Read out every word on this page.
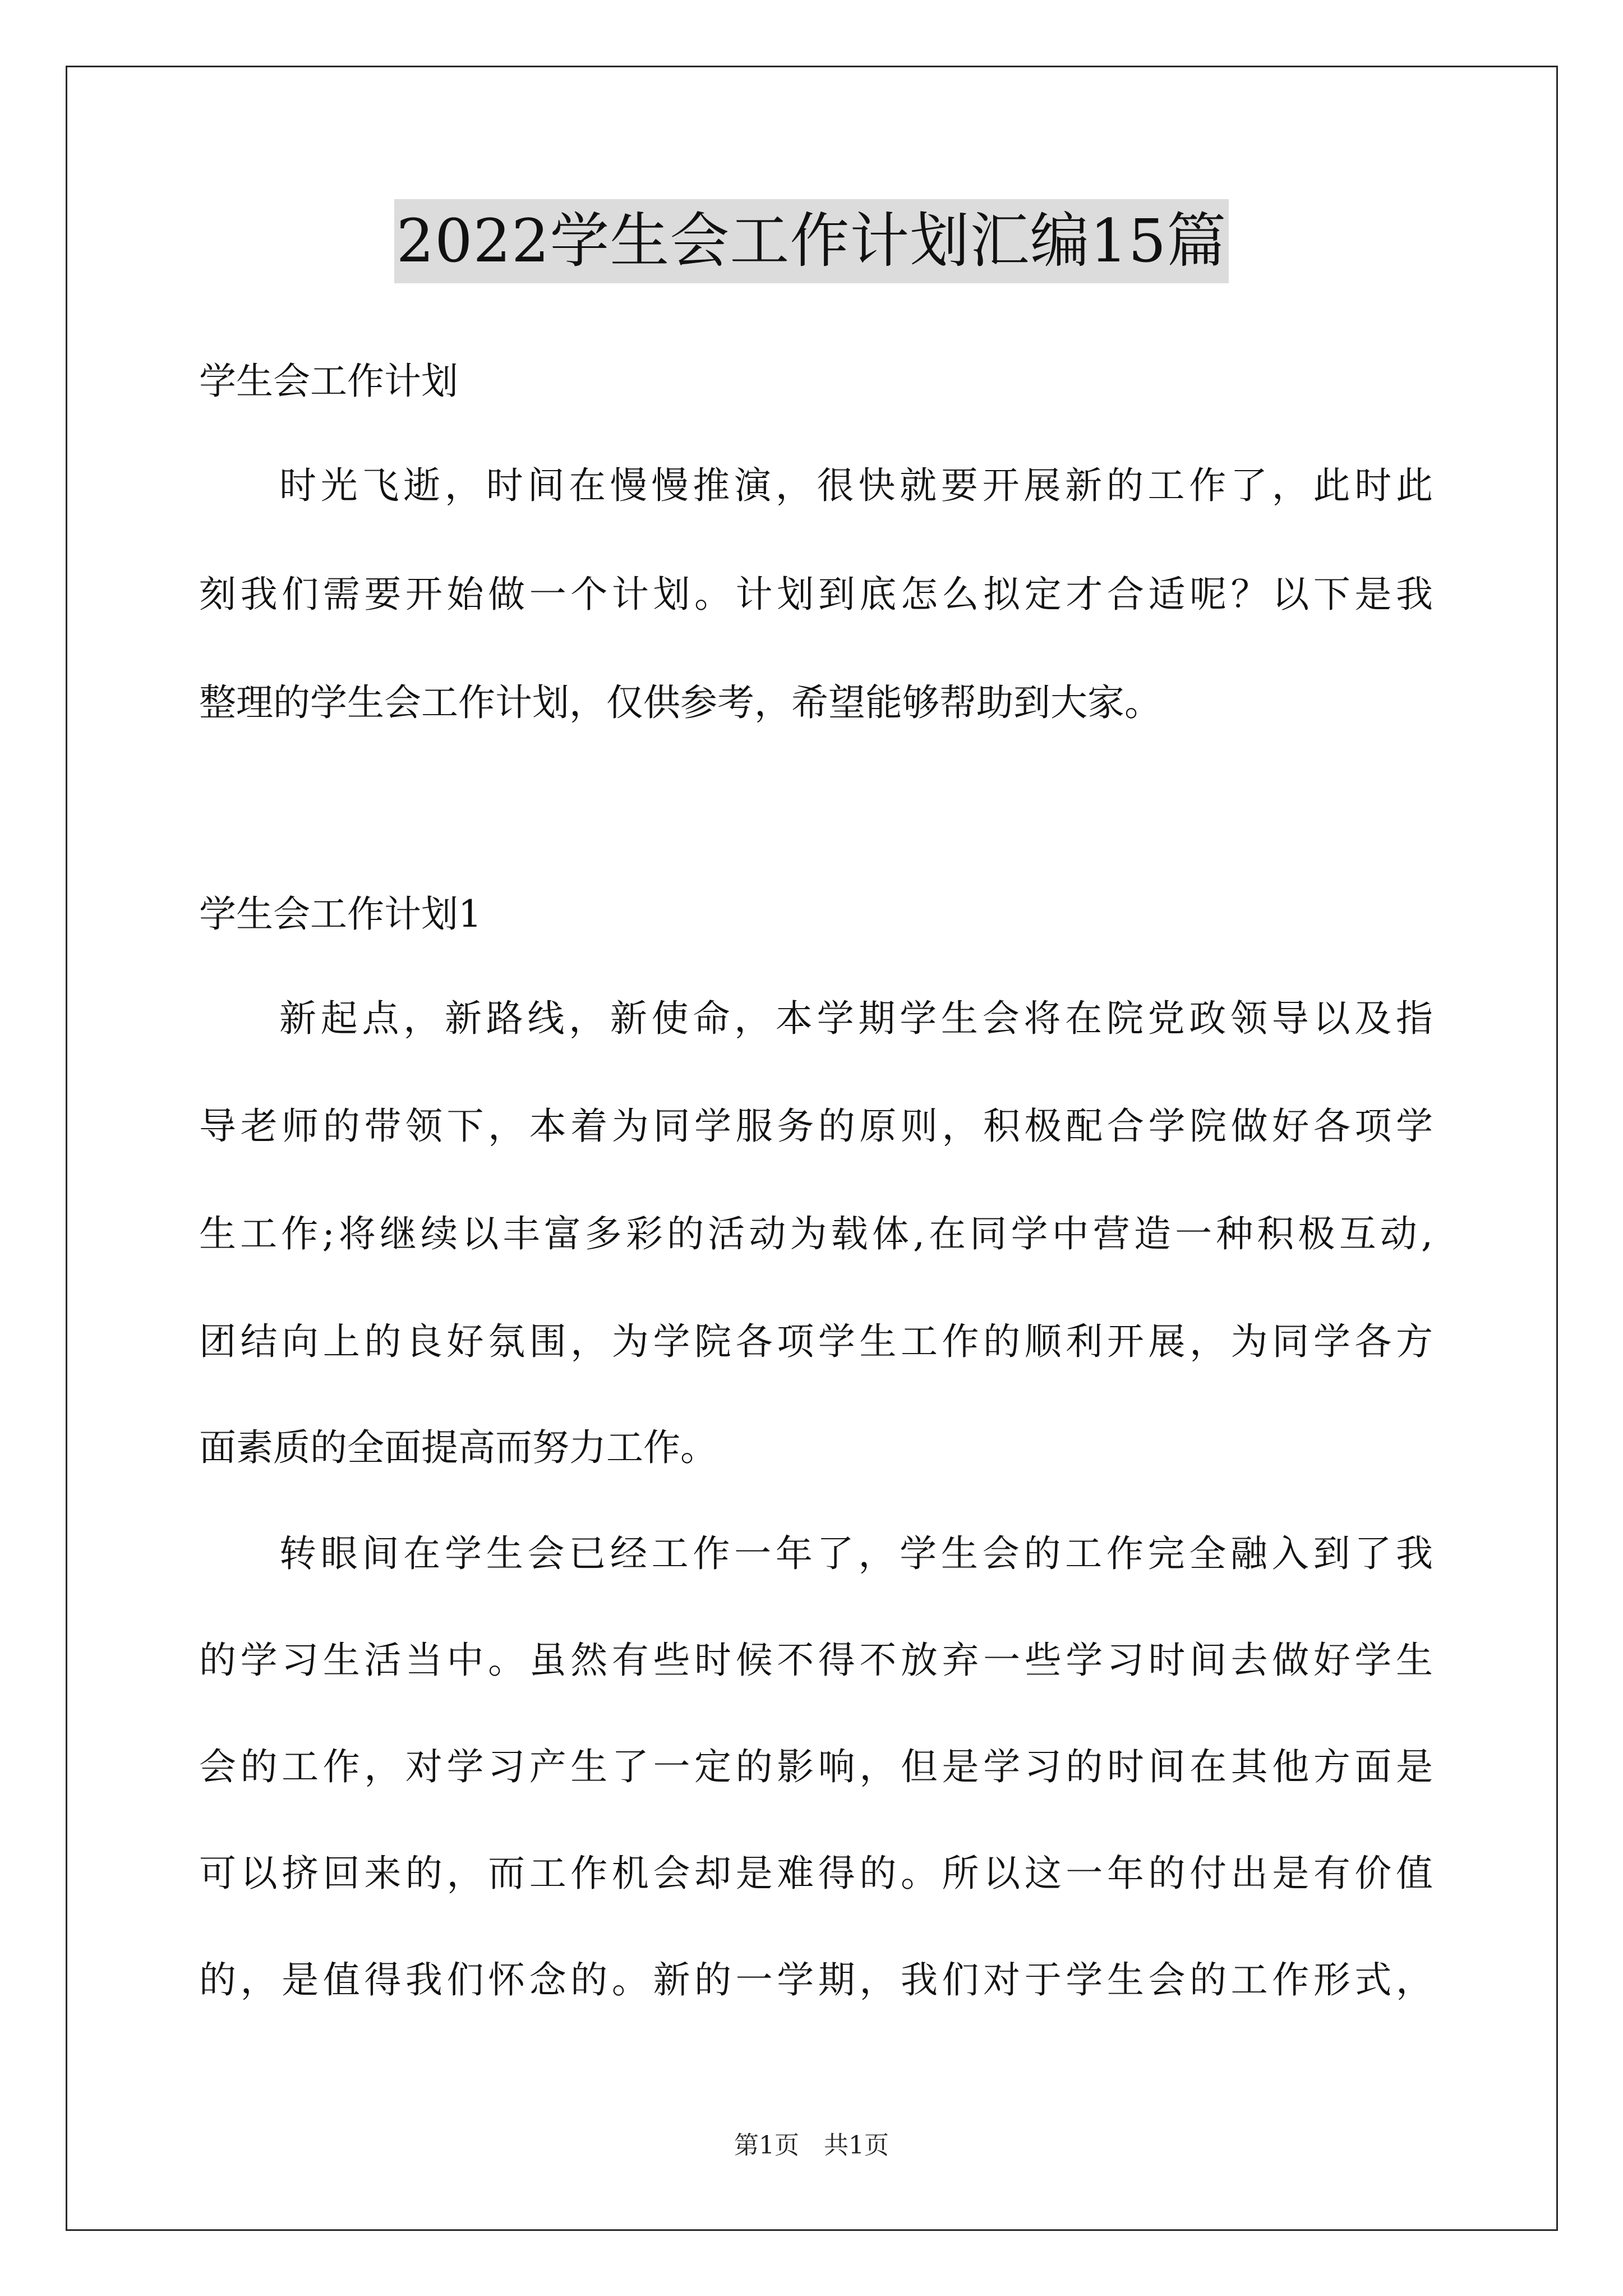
2022学生会工作计划汇编15篇
学生会工作计划
时光飞逝，时间在慢慢推演，很快就要开展新的工作了，此时此
刻我们需要开始做一个计划。计划到底怎么拟定才合适呢？以下是我
整理的学生会工作计划，仅供参考，希望能够帮助到大家。
学生会工作计划1
新起点，新路线，新使命，本学期学生会将在院党政领导以及指
导老师的带领下，本着为同学服务的原则，积极配合学院做好各项学
生工作;将继续以丰富多彩的活动为载体,在同学中营造一种积极互动,
团结向上的良好氛围，为学院各项学生工作的顺利开展，为同学各方
面素质的全面提高而努力工作。
转眼间在学生会已经工作一年了，学生会的工作完全融入到了我
的学习生活当中。虽然有些时候不得不放弃一些学习时间去做好学生
会的工作，对学习产生了一定的影响，但是学习的时间在其他方面是
可以挤回来的，而工作机会却是难得的。所以这一年的付出是有价值
的，是值得我们怀念的。新的一学期，我们对于学生会的工作形式，
第1页　共1页
